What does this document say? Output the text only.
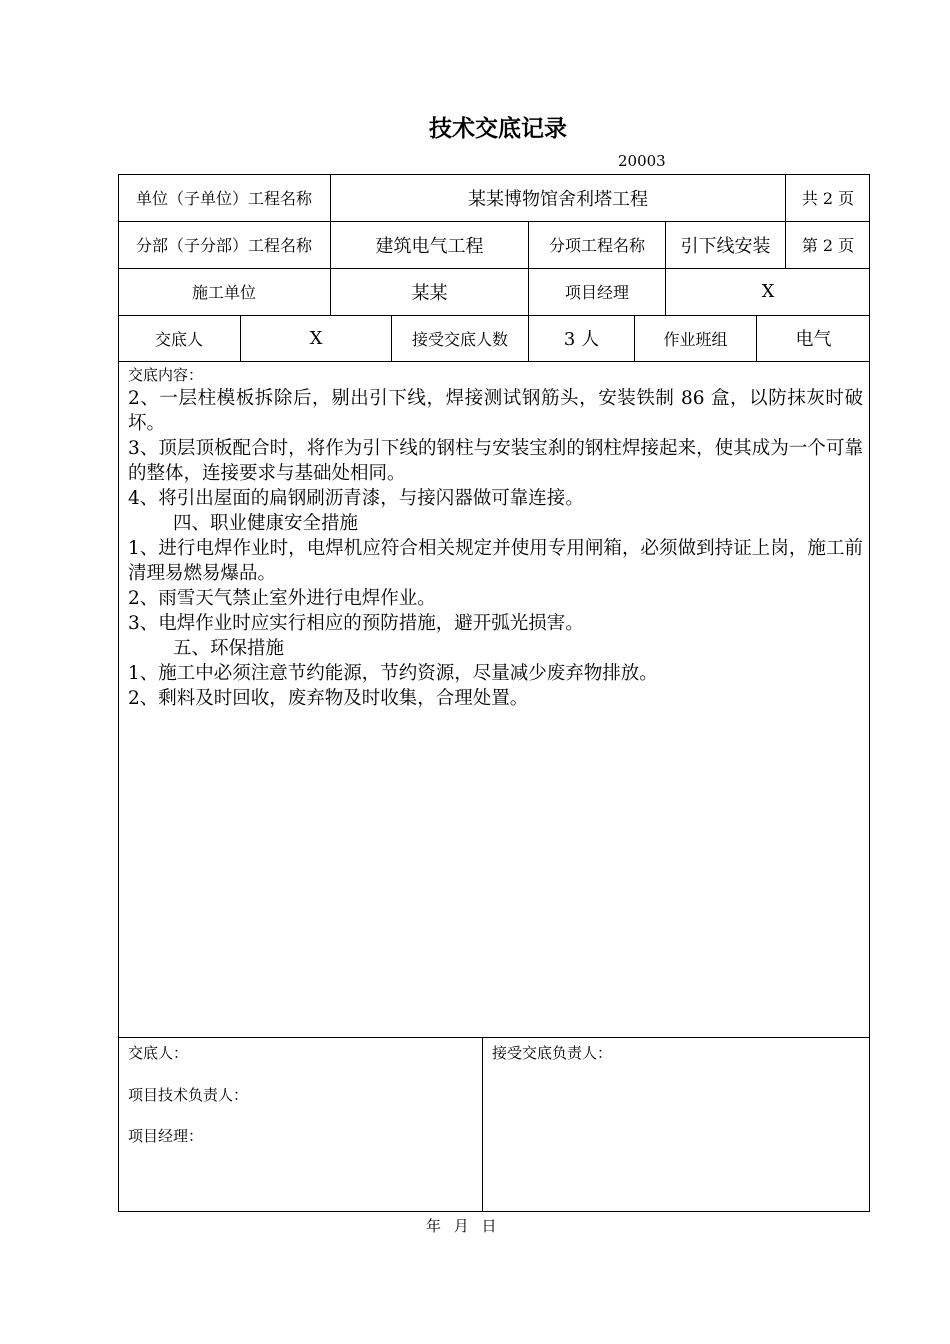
技术交底记录
20003
单位（子单位）工程名称	某某博物馆舍利塔工程	共 2 页
分部（子分部）工程名称	建筑电气工程	分项工程名称	引下线安装	第 2 页
施工单位	某某	项目经理	X
交底人	X	接受交底人数	3 人	作业班组	电气
交底内容：

2、一层柱模板拆除后，剔出引下线，焊接测试钢筋头，安装铁制 86 盒，以防抹灰时破坏。

3、顶层顶板配合时，将作为引下线的钢柱与安装宝刹的钢柱焊接起来，使其成为一个可靠的整体，连接要求与基础处相同。

4、将引出屋面的扁钢刷沥青漆，与接闪器做可靠连接。

四、职业健康安全措施

1、进行电焊作业时，电焊机应符合相关规定并使用专用闸箱，必须做到持证上岗，施工前清理易燃易爆品。

2、雨雪天气禁止室外进行电焊作业。

3、电焊作业时应实行相应的预防措施，避开弧光损害。

五、环保措施

1、施工中必须注意节约能源，节约资源，尽量减少废弃物排放。

2、剩料及时回收，废弃物及时收集，合理处置。

交底人：
项目技术负责人：
项目经理：
接受交底负责人：
年 月 日
